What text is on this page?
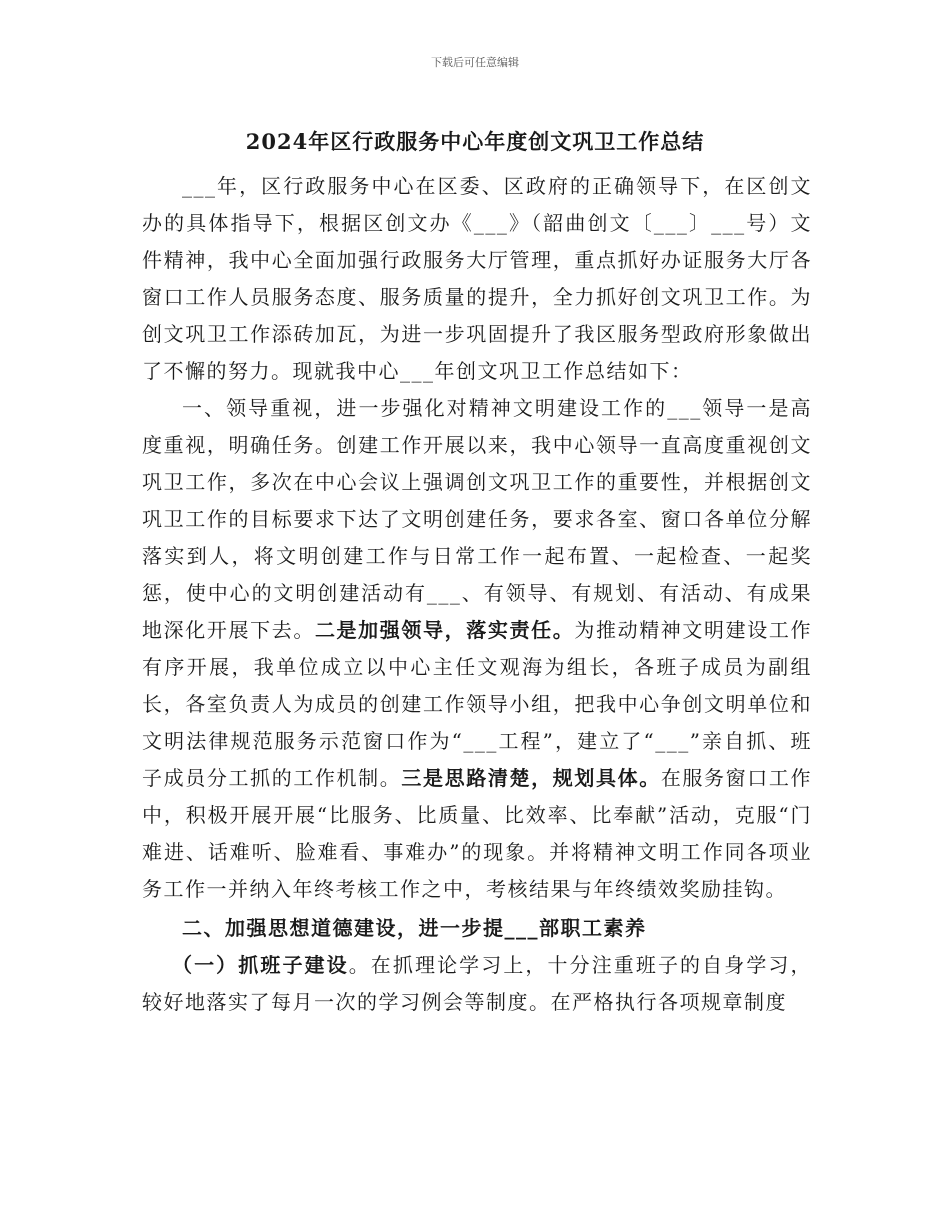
下载后可任意编辑
2024年区行政服务中心年度创文巩卫工作总结

___年，区行政服务中心在区委、区政府的正确领导下，在区创文办的具体指导下，根据区创文办《___》（韶曲创文〔___〕___号）文件精神，我中心全面加强行政服务大厅管理，重点抓好办证服务大厅各窗口工作人员服务态度、服务质量的提升，全力抓好创文巩卫工作。为创文巩卫工作添砖加瓦，为进一步巩固提升了我区服务型政府形象做出了不懈的努力。现就我中心___年创文巩卫工作总结如下：

一、领导重视，进一步强化对精神文明建设工作的___领导一是高度重视，明确任务。创建工作开展以来，我中心领导一直高度重视创文巩卫工作，多次在中心会议上强调创文巩卫工作的重要性，并根据创文巩卫工作的目标要求下达了文明创建任务，要求各室、窗口各单位分解落实到人，将文明创建工作与日常工作一起布置、一起检查、一起奖惩，使中心的文明创建活动有___、有领导、有规划、有活动、有成果地深化开展下去。二是加强领导，落实责任。为推动精神文明建设工作有序开展，我单位成立以中心主任文观海为组长，各班子成员为副组长，各室负责人为成员的创建工作领导小组，把我中心争创文明单位和文明法律规范服务示范窗口作为“___工程”，建立了“___”亲自抓、班子成员分工抓的工作机制。三是思路清楚，规划具体。在服务窗口工作中，积极开展开展“比服务、比质量、比效率、比奉献”活动，克服“门难进、话难听、脸难看、事难办”的现象。并将精神文明工作同各项业务工作一并纳入年终考核工作之中，考核结果与年终绩效奖励挂钩。

二、加强思想道德建设，进一步提___部职工素养

（一）抓班子建设。在抓理论学习上，十分注重班子的自身学习，较好地落实了每月一次的学习例会等制度。在严格执行各项规章制度
